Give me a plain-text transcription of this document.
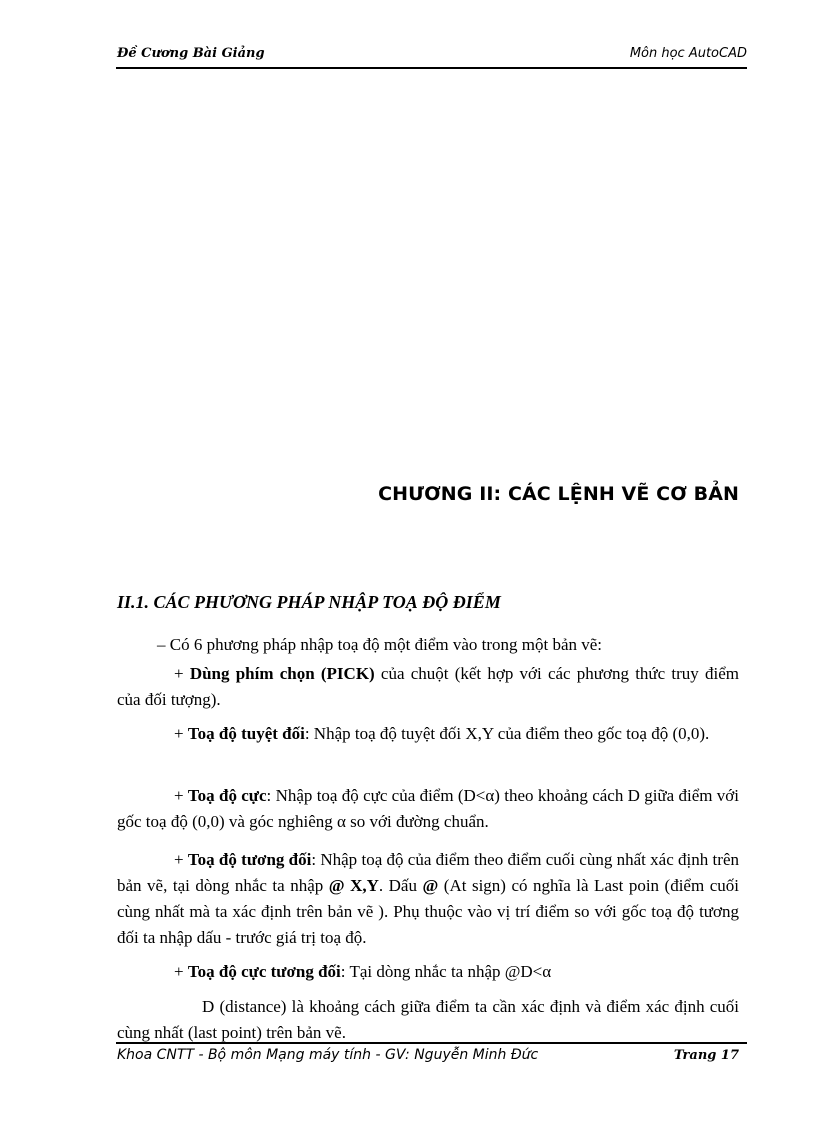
Đề Cương Bài Giảng	Môn học AutoCAD
CHƯƠNG II: CÁC LỆNH VẼ CƠ BẢN
II.1. CÁC PHƯƠNG PHÁP NHẬP TOẠ ĐỘ ĐIỂM
– Có 6 phương pháp nhập toạ độ một điểm vào trong một bản vẽ:
+ Dùng phím chọn (PICK) của chuột (kết hợp với các phương thức truy điểm của đối tượng).
+ Toạ độ tuyệt đối: Nhập toạ độ tuyệt đối X,Y của điểm theo gốc toạ độ (0,0).
+ Toạ độ cực: Nhập toạ độ cực của điểm (D<α) theo khoảng cách D giữa điểm với gốc toạ độ (0,0) và góc nghiêng α so với đường chuẩn.
+ Toạ độ tương đối: Nhập toạ độ của điểm theo điểm cuối cùng nhất xác định trên bản vẽ, tại dòng nhắc ta nhập @ X,Y. Dấu @ (At sign) có nghĩa là Last poin (điểm cuối cùng nhất mà ta xác định trên bản vẽ ). Phụ thuộc vào vị trí điểm so với gốc toạ độ tương đối ta nhập dấu - trước giá trị toạ độ.
+ Toạ độ cực tương đối: Tại dòng nhắc ta nhập @D<α
D (distance) là khoảng cách giữa điểm ta cần xác định và điểm xác định cuối cùng nhất (last point) trên bản vẽ.
Khoa CNTT - Bộ môn Mạng máy tính - GV: Nguyễn Minh Đức	Trang 17
